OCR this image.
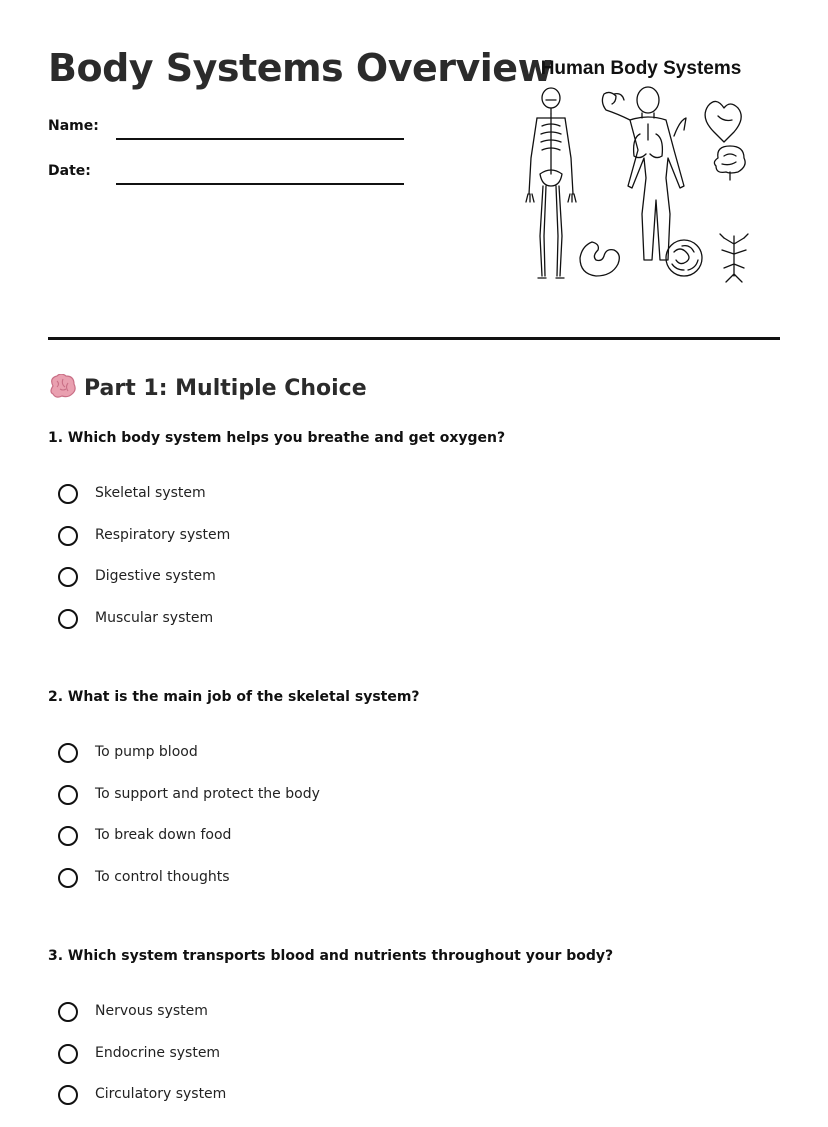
Body Systems Overview
Name:
Date:
Human Body Systems
Part 1: Multiple Choice

1. Which body system helps you breathe and get oxygen?

Skeletal system
Respiratory system
Digestive system
Muscular system

2. What is the main job of the skeletal system?

To pump blood
To support and protect the body
To break down food
To control thoughts

3. Which system transports blood and nutrients throughout your body?

Nervous system
Endocrine system
Circulatory system
